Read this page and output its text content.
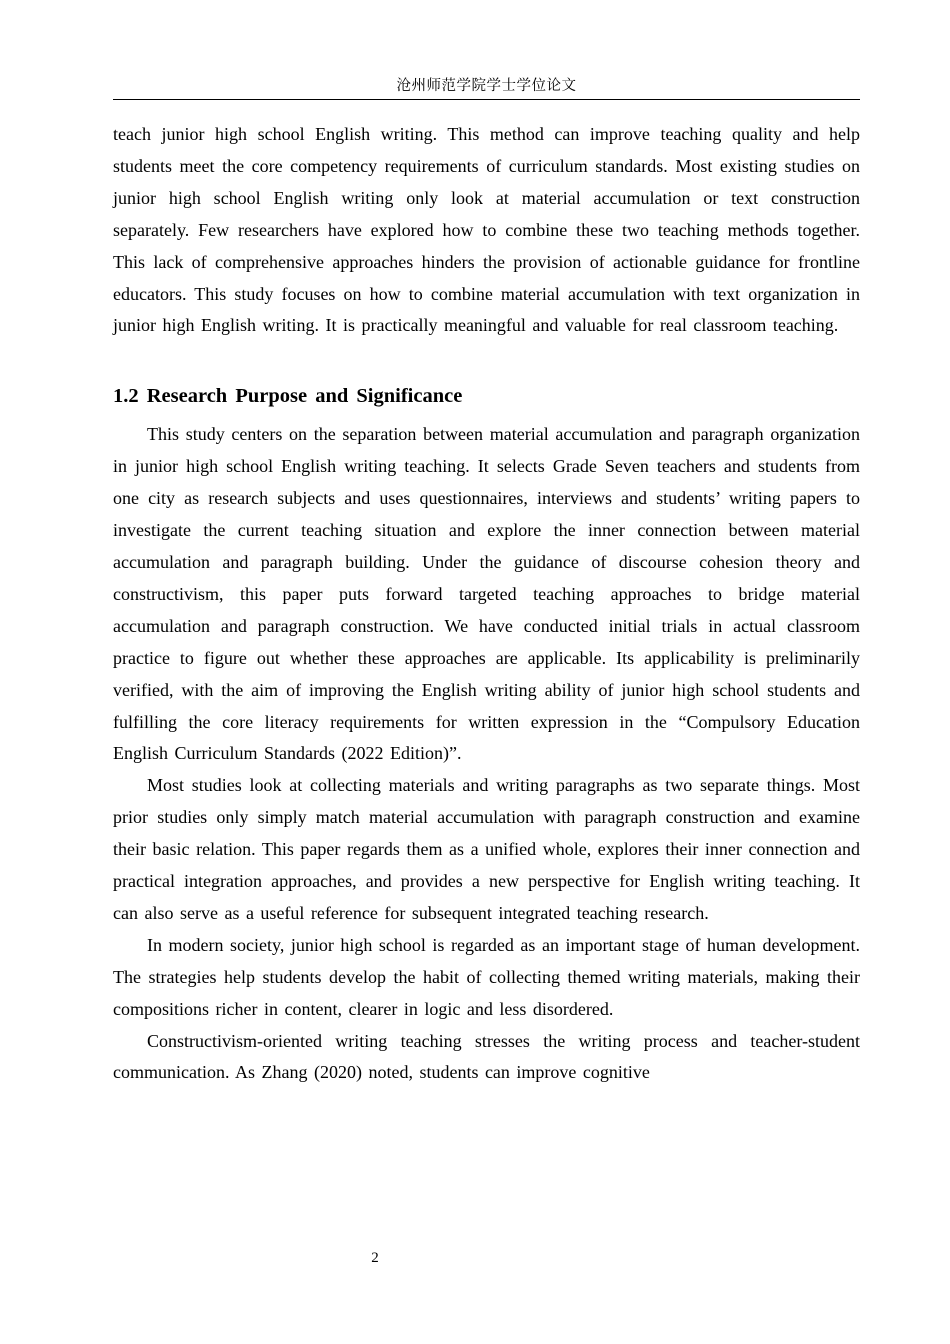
沧州师范学院学士学位论文

teach junior high school English writing. This method can improve teaching quality and help students meet the core competency requirements of curriculum standards. Most existing studies on junior high school English writing only look at material accumulation or text construction separately. Few researchers have explored how to combine these two teaching methods together. This lack of comprehensive approaches hinders the provision of actionable guidance for frontline educators. This study focuses on how to combine material accumulation with text organization in junior high English writing. It is practically meaningful and valuable for real classroom teaching.

1.2 Research Purpose and Significance

This study centers on the separation between material accumulation and paragraph organization in junior high school English writing teaching. It selects Grade Seven teachers and students from one city as research subjects and uses questionnaires, interviews and students’ writing papers to investigate the current teaching situation and explore the inner connection between material accumulation and paragraph building. Under the guidance of discourse cohesion theory and constructivism, this paper puts forward targeted teaching approaches to bridge material accumulation and paragraph construction. We have conducted initial trials in actual classroom practice to figure out whether these approaches are applicable. Its applicability is preliminarily verified, with the aim of improving the English writing ability of junior high school students and fulfilling the core literacy requirements for written expression in the “Compulsory Education English Curriculum Standards (2022 Edition)”.

Most studies look at collecting materials and writing paragraphs as two separate things. Most prior studies only simply match material accumulation with paragraph construction and examine their basic relation. This paper regards them as a unified whole, explores their inner connection and practical integration approaches, and provides a new perspective for English writing teaching. It can also serve as a useful reference for subsequent integrated teaching research.

In modern society, junior high school is regarded as an important stage of human development. The strategies help students develop the habit of collecting themed writing materials, making their compositions richer in content, clearer in logic and less disordered.

Constructivism-oriented writing teaching stresses the writing process and teacher-student communication. As Zhang (2020) noted, students can improve cognitive

2
